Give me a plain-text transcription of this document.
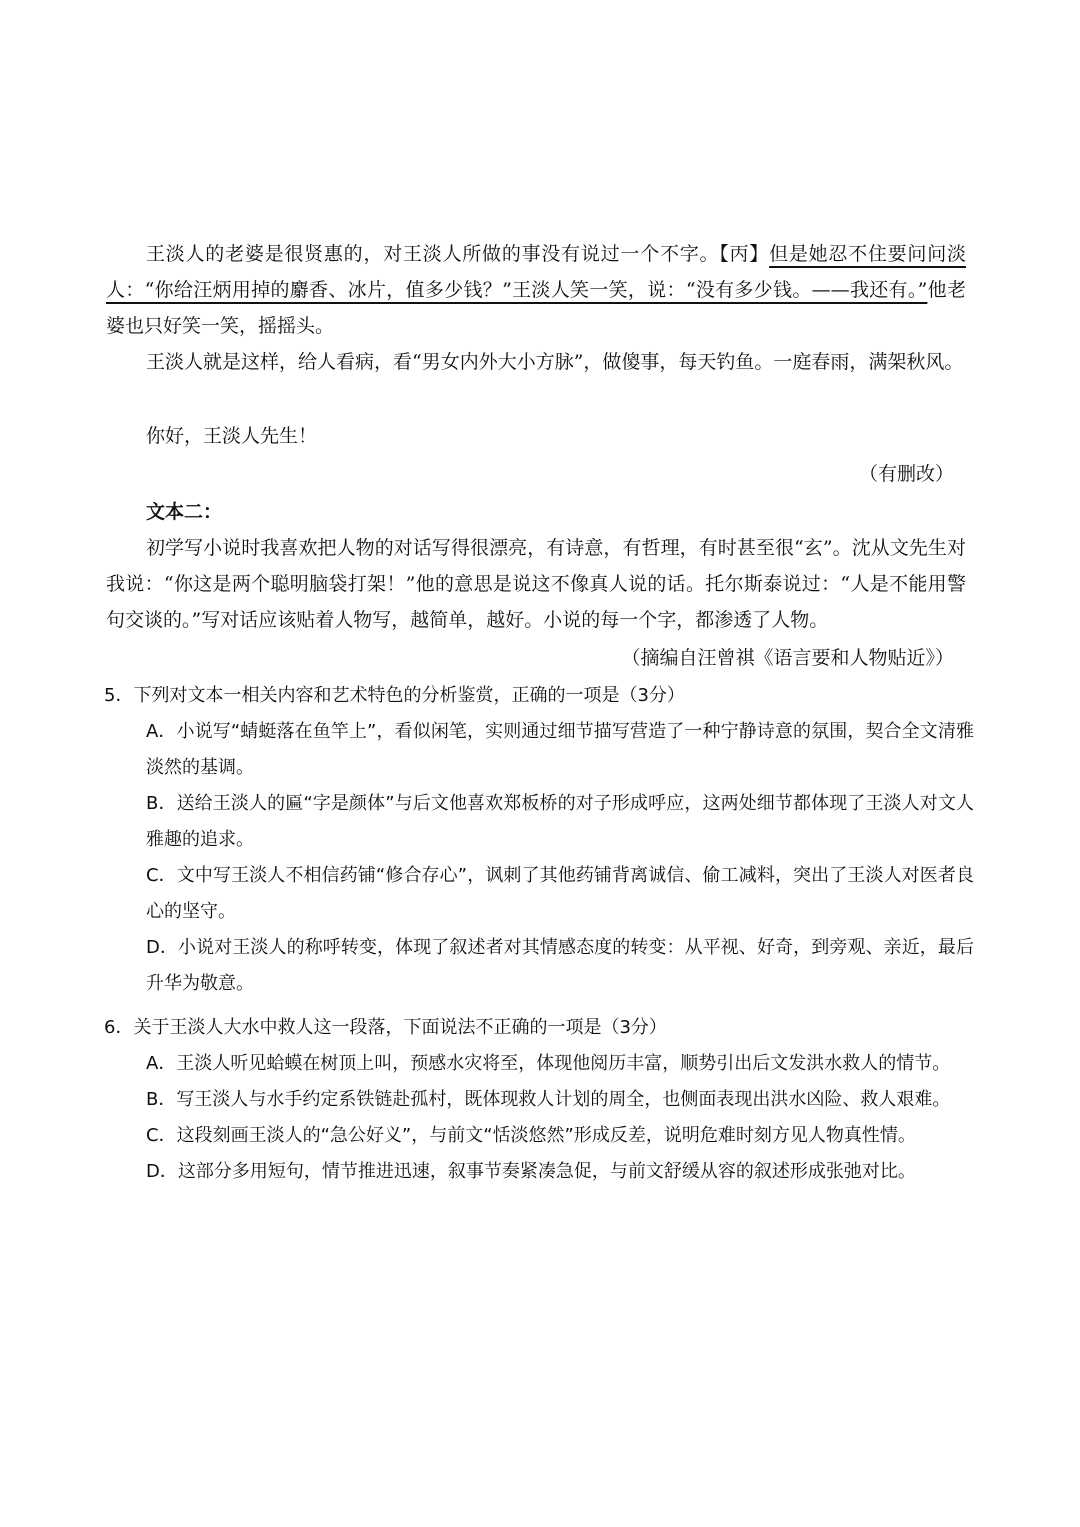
王淡人的老婆是很贤惠的，对王淡人所做的事没有说过一个不字。【丙】但是她忍不住要问问淡人：“你给汪炳用掉的麝香、冰片，值多少钱？”王淡人笑一笑，说：“没有多少钱。——我还有。”他老婆也只好笑一笑，摇摇头。

王淡人就是这样，给人看病，看“男女内外大小方脉”，做傻事，每天钓鱼。一庭春雨，满架秋风。

你好，王淡人先生！

（有删改）

文本二：

初学写小说时我喜欢把人物的对话写得很漂亮，有诗意，有哲理，有时甚至很“玄”。沈从文先生对我说：“你这是两个聪明脑袋打架！”他的意思是说这不像真人说的话。托尔斯泰说过：“人是不能用警句交谈的。”写对话应该贴着人物写，越简单，越好。小说的每一个字，都渗透了人物。

（摘编自汪曾祺《语言要和人物贴近》）

5．下列对文本一相关内容和艺术特色的分析鉴赏，正确的一项是（3分）

A．小说写“蜻蜓落在鱼竿上”，看似闲笔，实则通过细节描写营造了一种宁静诗意的氛围，契合全文清雅淡然的基调。

B．送给王淡人的匾“字是颜体”与后文他喜欢郑板桥的对子形成呼应，这两处细节都体现了王淡人对文人雅趣的追求。

C．文中写王淡人不相信药铺“修合存心”，讽刺了其他药铺背离诚信、偷工减料，突出了王淡人对医者良心的坚守。

D．小说对王淡人的称呼转变，体现了叙述者对其情感态度的转变：从平视、好奇，到旁观、亲近，最后升华为敬意。

6．关于王淡人大水中救人这一段落，下面说法不正确的一项是（3分）

A．王淡人听见蛤蟆在树顶上叫，预感水灾将至，体现他阅历丰富，顺势引出后文发洪水救人的情节。

B．写王淡人与水手约定系铁链赴孤村，既体现救人计划的周全，也侧面表现出洪水凶险、救人艰难。

C．这段刻画王淡人的“急公好义”，与前文“恬淡悠然”形成反差，说明危难时刻方见人物真性情。

D．这部分多用短句，情节推进迅速，叙事节奏紧凑急促，与前文舒缓从容的叙述形成张弛对比。
